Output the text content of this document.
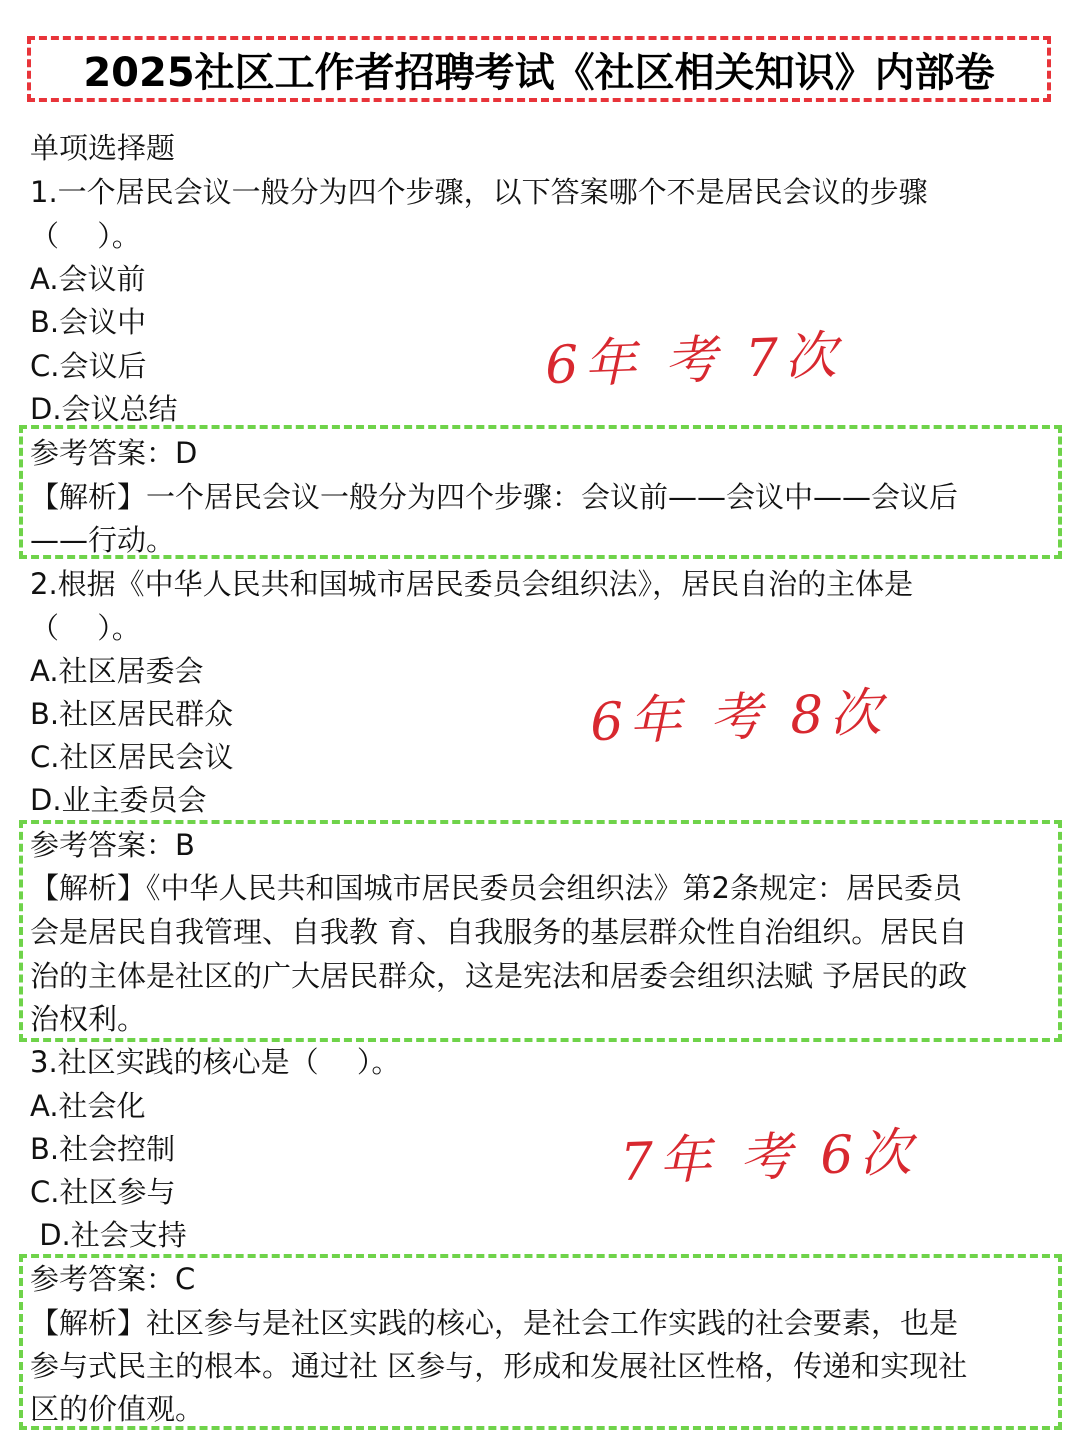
2025社区工作者招聘考试《社区相关知识》内部卷
单项选择题
1.一个居民会议一般分为四个步骤，以下答案哪个不是居民会议的步骤
（　 ）。
A.会议前
B.会议中
C.会议后
D.会议总结
6年 考 7次
参考答案：D
【解析】一个居民会议一般分为四个步骤：会议前——会议中——会议后
——行动。
2.根据《中华人民共和国城市居民委员会组织法》，居民自治的主体是
（　 ）。
A.社区居委会
B.社区居民群众
C.社区居民会议
D.业主委员会
6年 考 8次
参考答案：B
【解析】《中华人民共和国城市居民委员会组织法》第2条规定：居民委员
会是居民自我管理、自我教 育、自我服务的基层群众性自治组织。居民自
治的主体是社区的广大居民群众，这是宪法和居委会组织法赋 予居民的政
治权利。
3.社区实践的核心是（　 ）。
A.社会化
B.社会控制
C.社区参与
D.社会支持
7年 考 6次
参考答案：C
【解析】社区参与是社区实践的核心，是社会工作实践的社会要素，也是
参与式民主的根本。通过社 区参与，形成和发展社区性格，传递和实现社
区的价值观。
